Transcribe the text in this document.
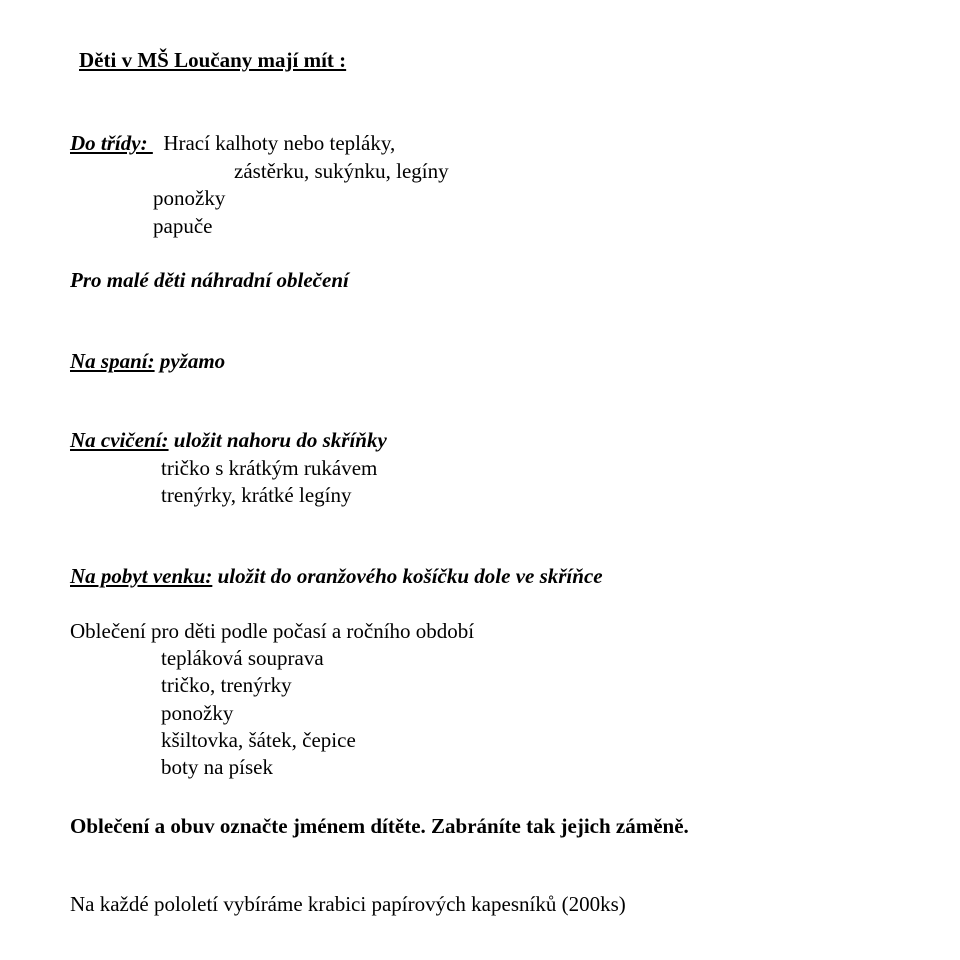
Děti v MŠ Loučany mají mít :
Do třídy:   Hrací kalhoty nebo tepláky,
zástěrku, sukýnku, legíny
ponožky
papuče
Pro malé děti náhradní oblečení
Na spaní: pyžamo
Na cvičení: uložit nahoru do skříňky
tričko s krátkým rukávem
trenýrky, krátké legíny
Na pobyt venku: uložit do oranžového košíčku dole ve skříňce
Oblečení pro děti podle počasí a ročního období
tepláková souprava
tričko, trenýrky
ponožky
kšiltovka, šátek, čepice
boty na písek
Oblečení a obuv označte jménem dítěte. Zabráníte tak jejich záměně.
Na každé pololetí vybíráme krabici papírových kapesníků (200ks)
